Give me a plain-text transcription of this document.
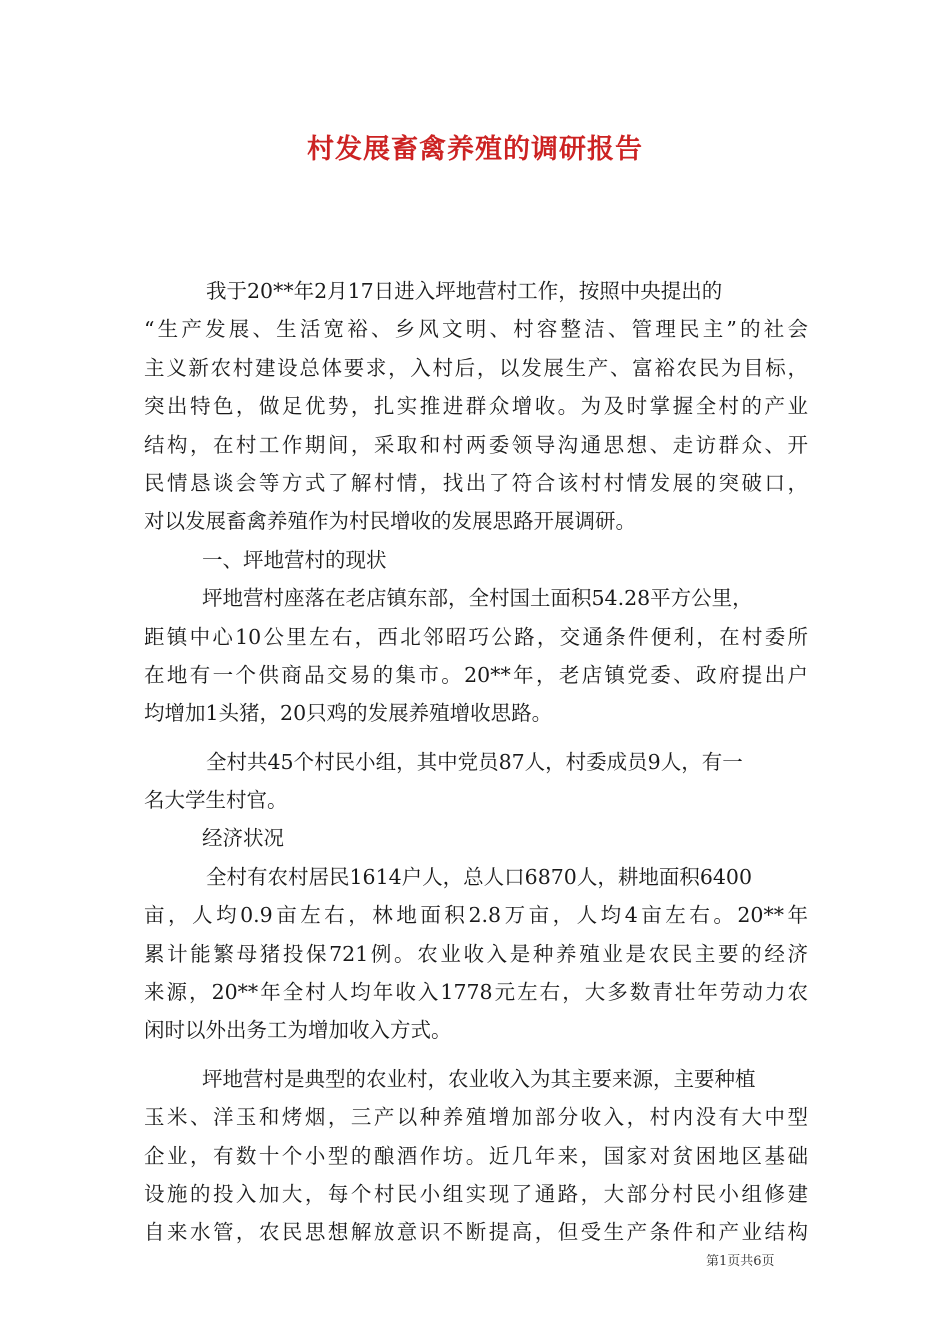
村发展畜禽养殖的调研报告
我于20**年2月17日进入坪地营村工作，按照中央提出的
“生产发展、生活宽裕、乡风文明、村容整洁、管理民主”的社会
主义新农村建设总体要求，入村后，以发展生产、富裕农民为目标，
突出特色，做足优势，扎实推进群众增收。为及时掌握全村的产业
结构，在村工作期间，采取和村两委领导沟通思想、走访群众、开
民情恳谈会等方式了解村情，找出了符合该村村情发展的突破口，
对以发展畜禽养殖作为村民增收的发展思路开展调研。
一、坪地营村的现状
坪地营村座落在老店镇东部，全村国土面积54.28平方公里，
距镇中心10公里左右，西北邻昭巧公路，交通条件便利，在村委所
在地有一个供商品交易的集市。20**年，老店镇党委、政府提出户
均增加1头猪，20只鸡的发展养殖增收思路。
全村共45个村民小组，其中党员87人，村委成员9人，有一
名大学生村官。
经济状况
全村有农村居民1614户人，总人口6870人，耕地面积6400
亩，人均0.9亩左右，林地面积2.8万亩，人均4亩左右。20**年
累计能繁母猪投保721例。农业收入是种养殖业是农民主要的经济
来源，20**年全村人均年收入1778元左右，大多数青壮年劳动力农
闲时以外出务工为增加收入方式。
坪地营村是典型的农业村，农业收入为其主要来源，主要种植
玉米、洋玉和烤烟，三产以种养殖增加部分收入，村内没有大中型
企业，有数十个小型的酿酒作坊。近几年来，国家对贫困地区基础
设施的投入加大，每个村民小组实现了通路，大部分村民小组修建
自来水管，农民思想解放意识不断提高，但受生产条件和产业结构
第1页共6页
